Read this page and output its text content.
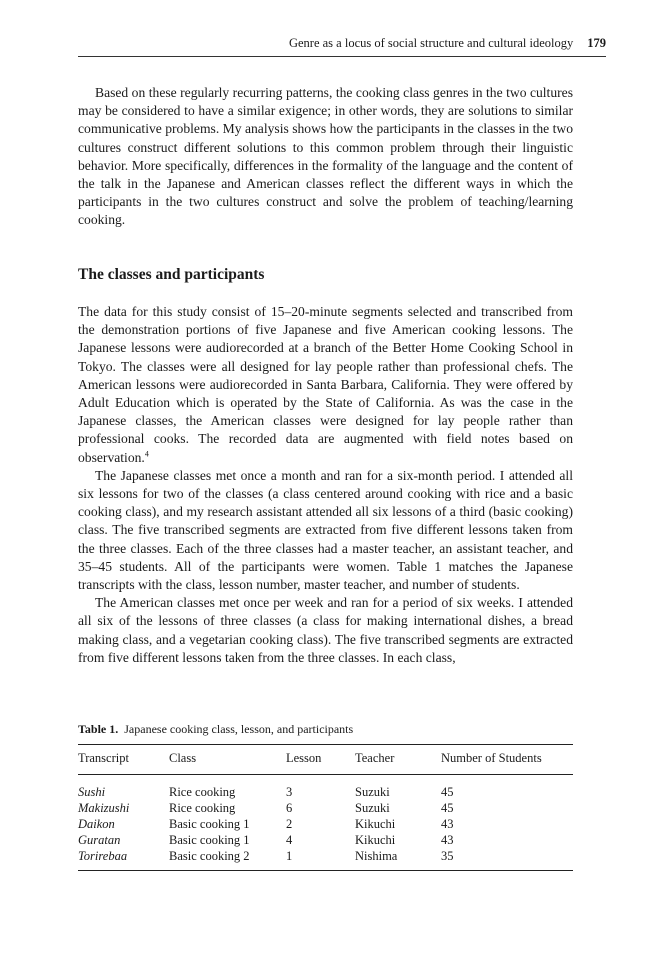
Genre as a locus of social structure and cultural ideology 179

Based on these regularly recurring patterns, the cooking class genres in the two cultures may be considered to have a similar exigence; in other words, they are solutions to similar communicative problems. My analysis shows how the participants in the classes in the two cultures construct different solutions to this common problem through their linguistic behavior. More specifically, differences in the formality of the language and the content of the talk in the Japanese and American classes reflect the different ways in which the participants in the two cultures construct and solve the problem of teaching/learning cooking.

The classes and participants

The data for this study consist of 15–20-minute segments selected and transcribed from the demonstration portions of five Japanese and five American cooking lessons. The Japanese lessons were audiorecorded at a branch of the Better Home Cooking School in Tokyo. The classes were all designed for lay people rather than professional chefs. The American lessons were audiorecorded in Santa Barbara, California. They were offered by Adult Education which is operated by the State of California. As was the case in the Japanese classes, the American classes were designed for lay people rather than professional cooks. The recorded data are augmented with field notes based on observation.$^4$

The Japanese classes met once a month and ran for a six-month period. I attended all six lessons for two of the classes (a class centered around cooking with rice and a basic cooking class), and my research assistant attended all six lessons of a third (basic cooking) class. The five transcribed segments are extracted from five different lessons taken from the three classes. Each of the three classes had a master teacher, an assistant teacher, and 35–45 students. All of the participants were women. Table 1 matches the Japanese transcripts with the class, lesson number, master teacher, and number of students.

The American classes met once per week and ran for a period of six weeks. I attended all six of the lessons of three classes (a class for making international dishes, a bread making class, and a vegetarian cooking class). The five transcribed segments are extracted from five different lessons taken from the three classes. In each class,

Table 1. Japanese cooking class, lesson, and participants
Transcript	Class	Lesson	Teacher	Number of Students
Sushi	Rice cooking	3	Suzuki	45
Makizushi	Rice cooking	6	Suzuki	45
Daikon	Basic cooking 1	2	Kikuchi	43
Guratan	Basic cooking 1	4	Kikuchi	43
Torirebaa	Basic cooking 2	1	Nishima	35
